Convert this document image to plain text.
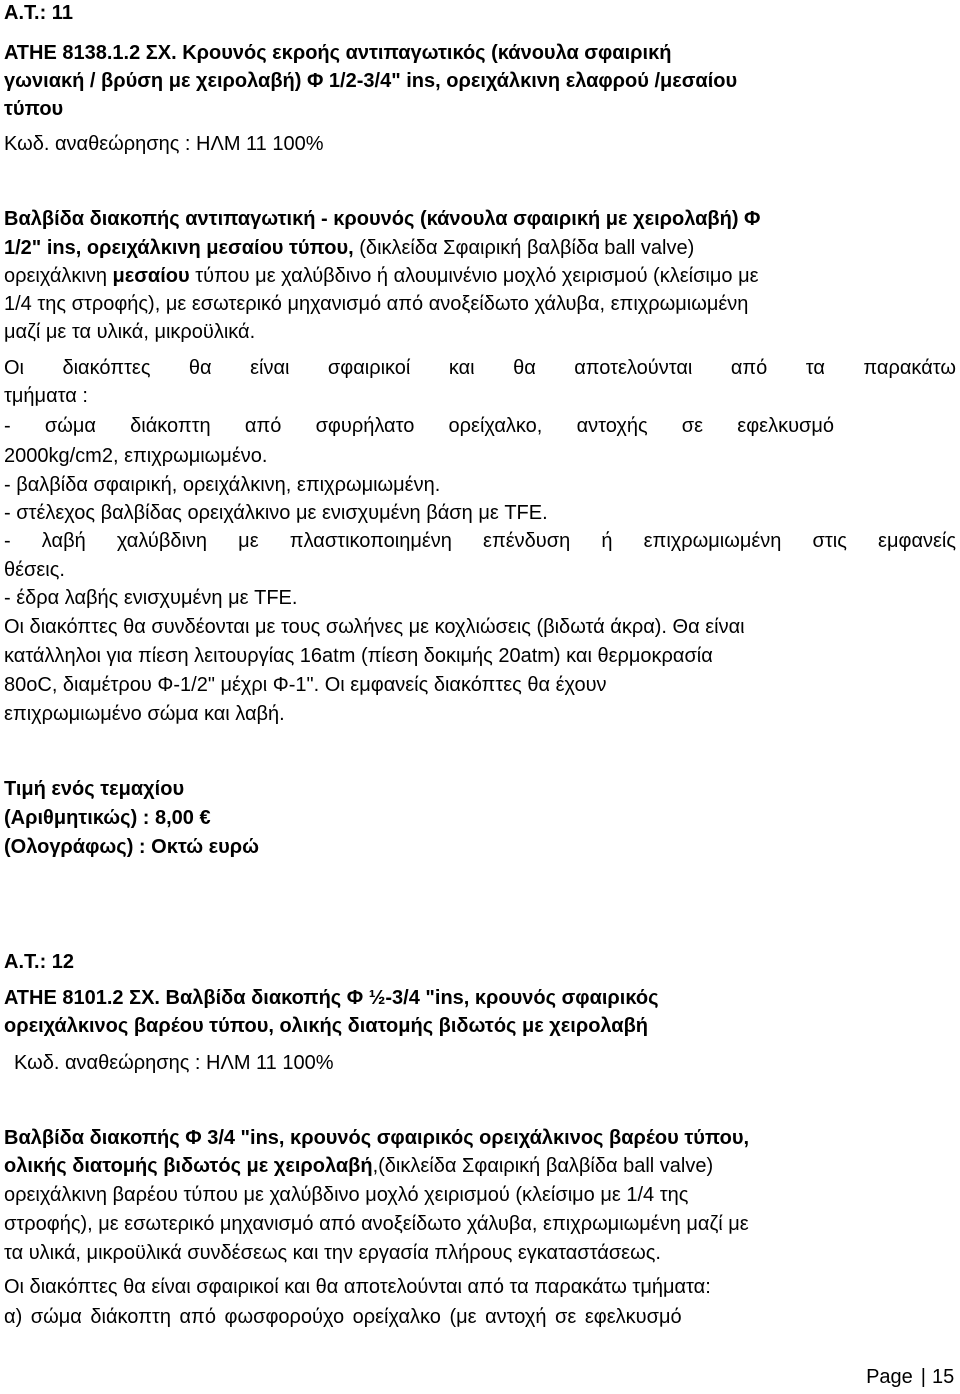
Α.Τ.: 11
ΑΤΗΕ 8138.1.2 ΣΧ. Κρουνός εκροής αντιπαγωτικός (κάνουλα σφαιρική
γωνιακή / βρύση με χειρολαβή) Φ 1/2-3/4" ins, ορειχάλκινη ελαφρού /μεσαίου
τύπου
Κωδ. αναθεώρησης : ΗΛΜ 11 100%
Βαλβίδα διακοπής αντιπαγωτική - κρουνός (κάνουλα σφαιρική με χειρολαβή) Φ
1/2" ins, ορειχάλκινη μεσαίου τύπου, (δικλείδα Σφαιρική βαλβίδα ball valve)
ορειχάλκινη μεσαίου τύπου με χαλύβδινο ή αλουμινένιο μοχλό χειρισμού (κλείσιμο με
1/4 της στροφής), με εσωτερικό μηχανισμό από ανοξείδωτο χάλυβα, επιχρωμιωμένη
μαζί με τα υλικά, μικροϋλικά.
Οι διακόπτες θα είναι σφαιρικοί και θα αποτελούνται από τα παρακάτω
τμήματα :
- σώμα διάκοπτη από σφυρήλατο ορείχαλκο, αντοχής σε εφελκυσμό
2000kg/cm2, επιχρωμιωμένο.
- βαλβίδα σφαιρική, ορειχάλκινη, επιχρωμιωμένη.
- στέλεχος βαλβίδας ορειχάλκινο με ενισχυμένη βάση με TFE.
- λαβή χαλύβδινη με πλαστικοποιημένη επένδυση ή επιχρωμιωμένη στις εμφανείς
θέσεις.
- έδρα λαβής ενισχυμένη με TFE.
Οι διακόπτες θα συνδέονται με τους σωλήνες με κοχλιώσεις (βιδωτά άκρα). Θα είναι
κατάλληλοι για πίεση λειτουργίας 16atm (πίεση δοκιμής 20atm) και θερμοκρασία
80oC, διαμέτρου Φ-1/2" μέχρι Φ-1". Οι εμφανείς διακόπτες θα έχουν
επιχρωμιωμένο σώμα και λαβή.
Τιμή ενός τεμαχίου
(Αριθμητικώς) : 8,00 €
(Ολογράφως) : Οκτώ ευρώ
Α.Τ.: 12
ΑΤΗΕ 8101.2 ΣΧ. Βαλβίδα διακοπής Φ ½-3/4 "ins, κρουνός σφαιρικός
ορειχάλκινος βαρέου τύπου, ολικής διατομής βιδωτός με χειρολαβή
Κωδ. αναθεώρησης : ΗΛΜ 11 100%
Βαλβίδα διακοπής Φ 3/4 "ins, κρουνός σφαιρικός ορειχάλκινος βαρέου τύπου,
ολικής διατομής βιδωτός με χειρολαβή,(δικλείδα Σφαιρική βαλβίδα ball valve)
ορειχάλκινη βαρέου τύπου με χαλύβδινο μοχλό χειρισμού (κλείσιμο με 1/4 της
στροφής), με εσωτερικό μηχανισμό από ανοξείδωτο χάλυβα, επιχρωμιωμένη μαζί με
τα υλικά, μικροϋλικά συνδέσεως και την εργασία πλήρους εγκαταστάσεως.
Οι διακόπτες θα είναι σφαιρικοί και θα αποτελούνται από τα παρακάτω τμήματα:
α) σώμα διάκοπτη από φωσφορούχο ορείχαλκο (με αντοχή σε εφελκυσμό
Page | 15
